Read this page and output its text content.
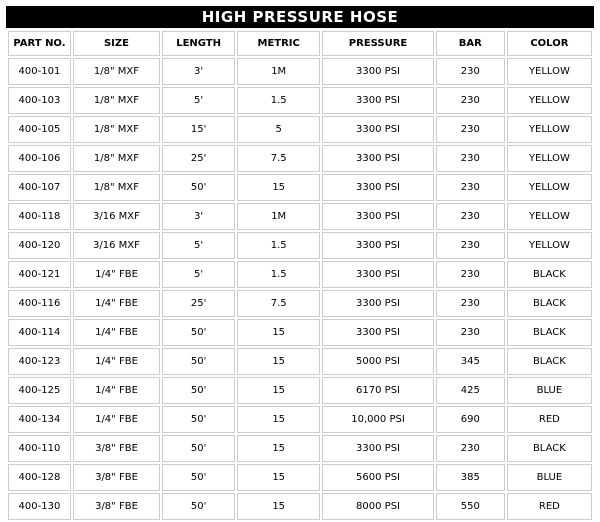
HIGH PRESSURE HOSE
PART NO.	SIZE	LENGTH	METRIC	PRESSURE	BAR	COLOR
400-101	1/8" MXF	3'	1M	3300 PSI	230	YELLOW
400-103	1/8" MXF	5'	1.5	3300 PSI	230	YELLOW
400-105	1/8" MXF	15'	5	3300 PSI	230	YELLOW
400-106	1/8" MXF	25'	7.5	3300 PSI	230	YELLOW
400-107	1/8" MXF	50'	15	3300 PSI	230	YELLOW
400-118	3/16 MXF	3'	1M	3300 PSI	230	YELLOW
400-120	3/16 MXF	5'	1.5	3300 PSI	230	YELLOW
400-121	1/4" FBE	5'	1.5	3300 PSI	230	BLACK
400-116	1/4" FBE	25'	7.5	3300 PSI	230	BLACK
400-114	1/4" FBE	50'	15	3300 PSI	230	BLACK
400-123	1/4" FBE	50'	15	5000 PSI	345	BLACK
400-125	1/4" FBE	50'	15	6170 PSI	425	BLUE
400-134	1/4" FBE	50'	15	10,000 PSI	690	RED
400-110	3/8" FBE	50'	15	3300 PSI	230	BLACK
400-128	3/8" FBE	50'	15	5600 PSI	385	BLUE
400-130	3/8" FBE	50'	15	8000 PSI	550	RED
